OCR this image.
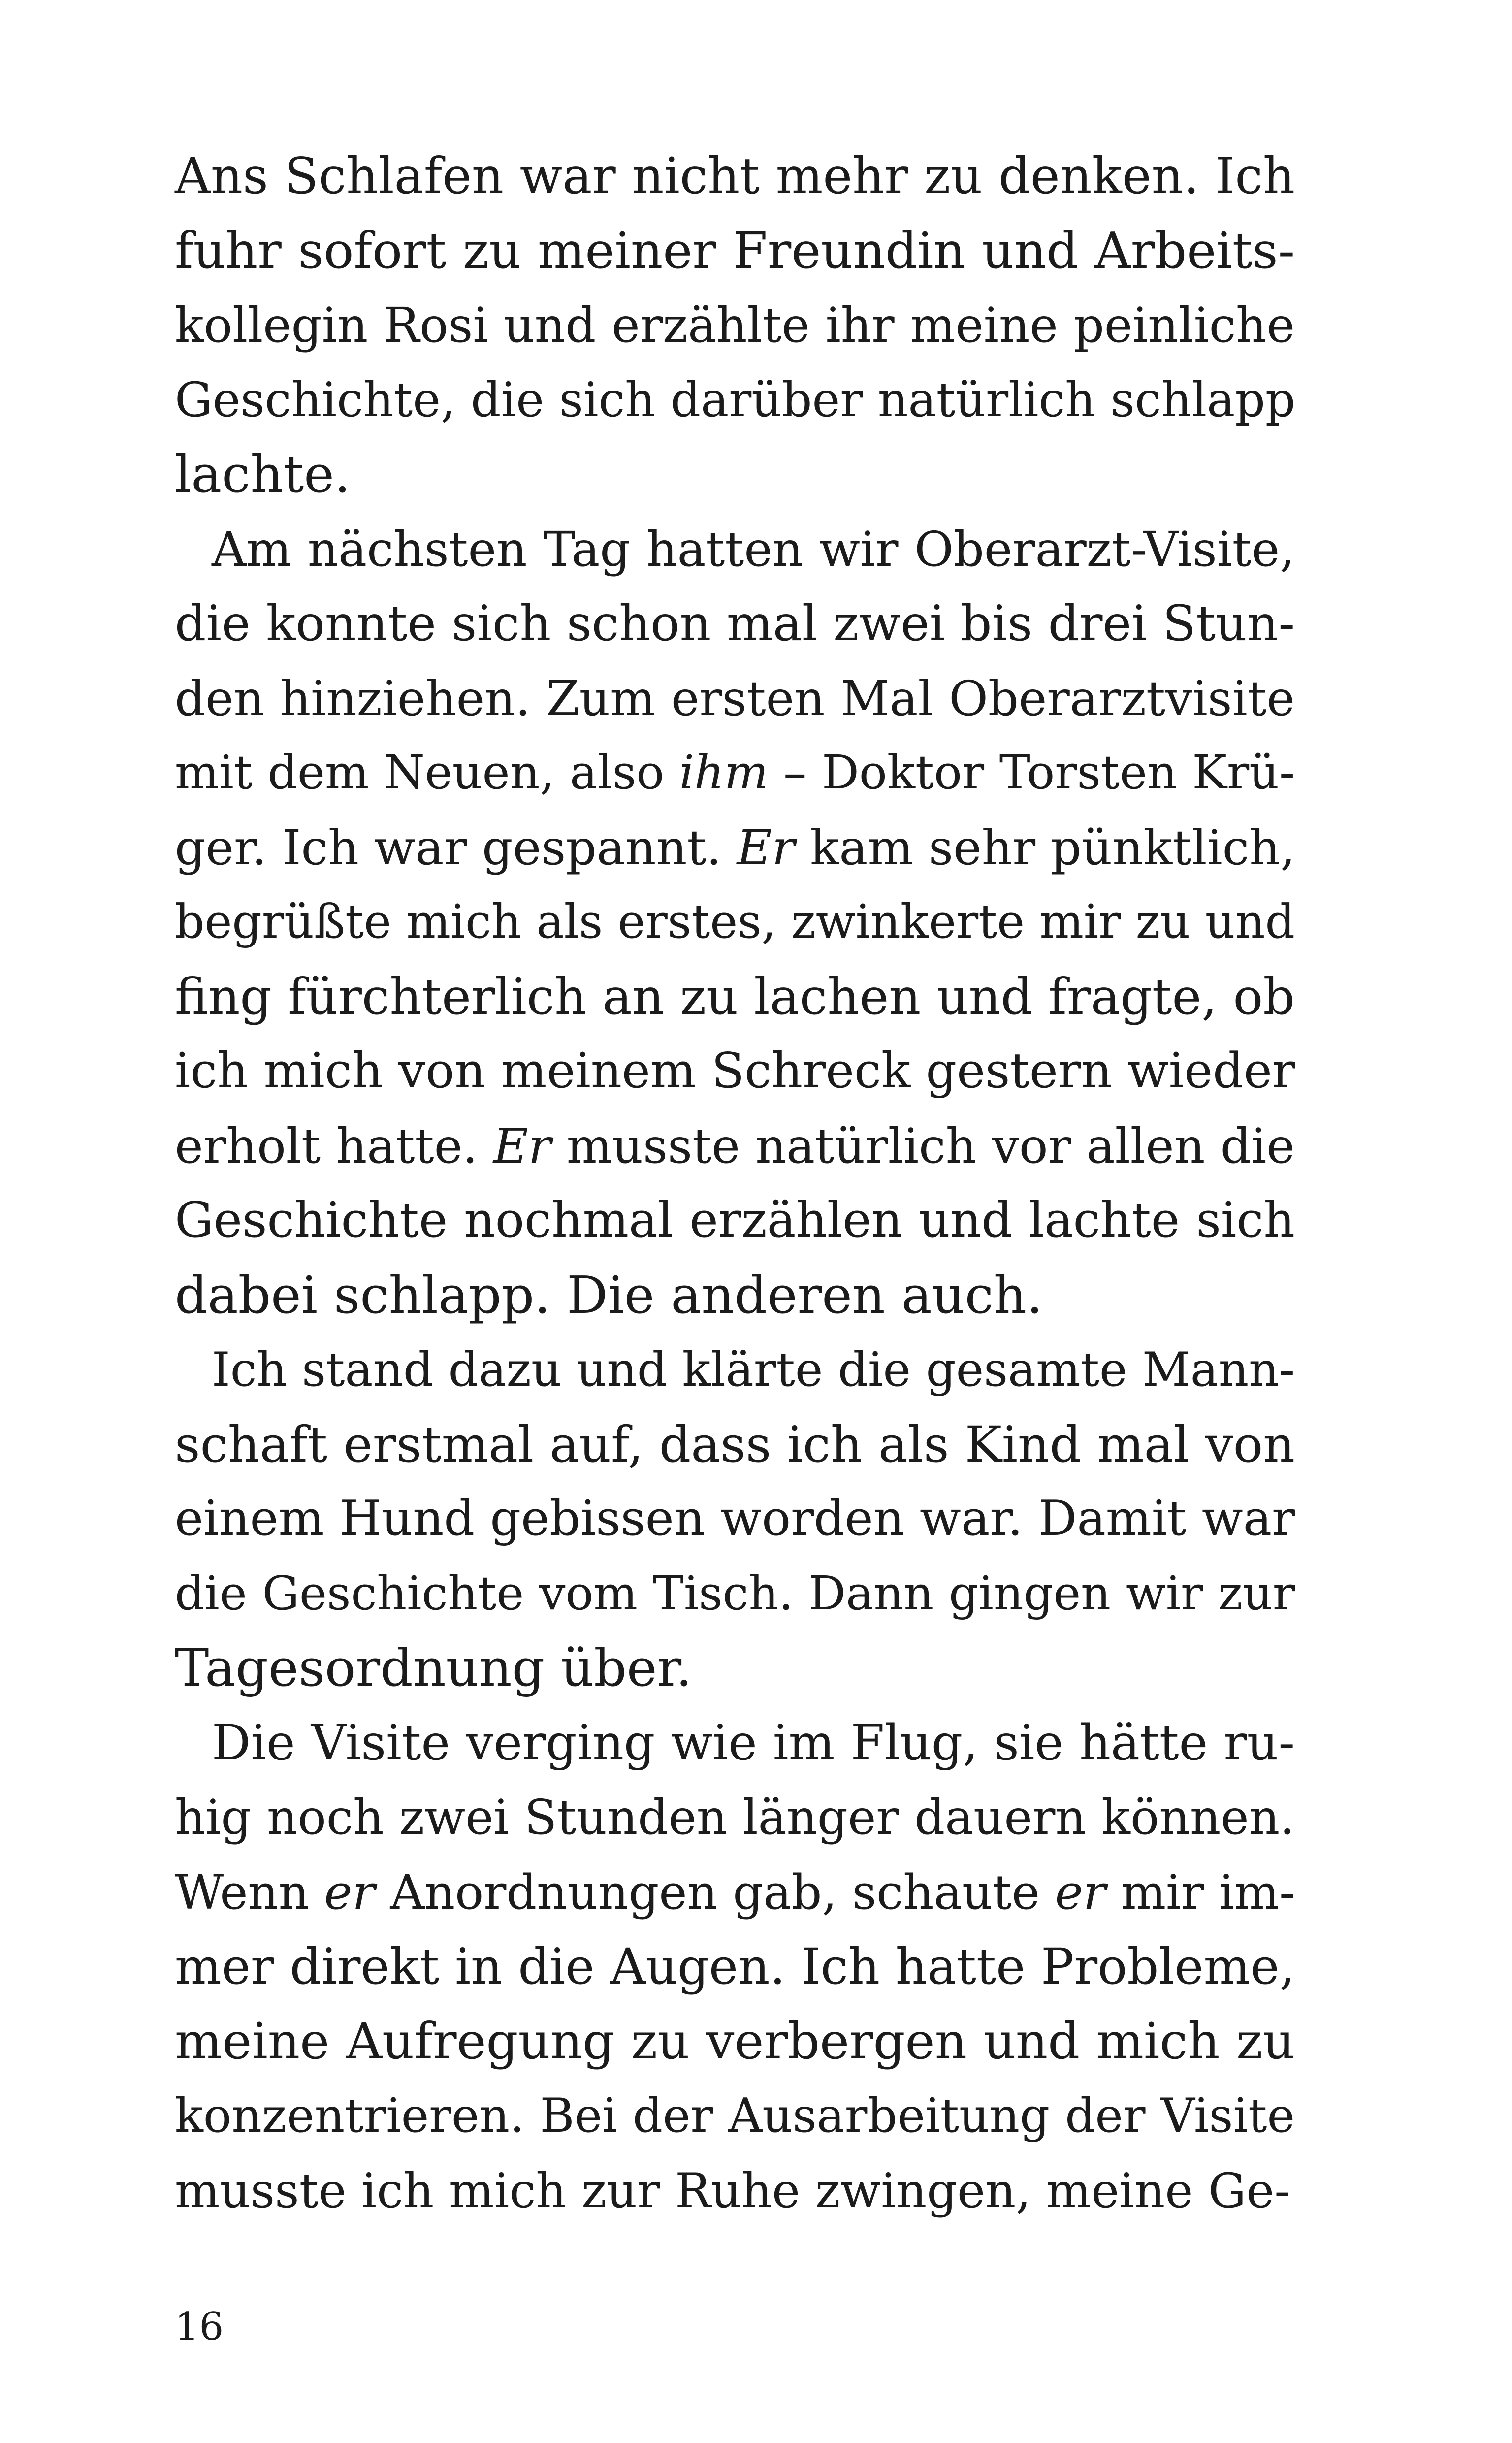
Ans Schlafen war nicht mehr zu denken. Ich
fuhr sofort zu meiner Freundin und Arbeits-
kollegin Rosi und erzählte ihr meine peinliche
Geschichte, die sich darüber natürlich schlapp
lachte.
Am nächsten Tag hatten wir Oberarzt-Visite,
die konnte sich schon mal zwei bis drei Stun-
den hinziehen. Zum ersten Mal Oberarztvisite
mit dem Neuen, also ihm – Doktor Torsten Krü-
ger. Ich war gespannt. Er kam sehr pünktlich,
begrüßte mich als erstes, zwinkerte mir zu und
fing fürchterlich an zu lachen und fragte, ob
ich mich von meinem Schreck gestern wieder
erholt hatte. Er musste natürlich vor allen die
Geschichte nochmal erzählen und lachte sich
dabei schlapp. Die anderen auch.
Ich stand dazu und klärte die gesamte Mann-
schaft erstmal auf, dass ich als Kind mal von
einem Hund gebissen worden war. Damit war
die Geschichte vom Tisch. Dann gingen wir zur
Tagesordnung über.
Die Visite verging wie im Flug, sie hätte ru-
hig noch zwei Stunden länger dauern können.
Wenn er Anordnungen gab, schaute er mir im-
mer direkt in die Augen. Ich hatte Probleme,
meine Aufregung zu verbergen und mich zu
konzentrieren. Bei der Ausarbeitung der Visite
musste ich mich zur Ruhe zwingen, meine Ge-
16
